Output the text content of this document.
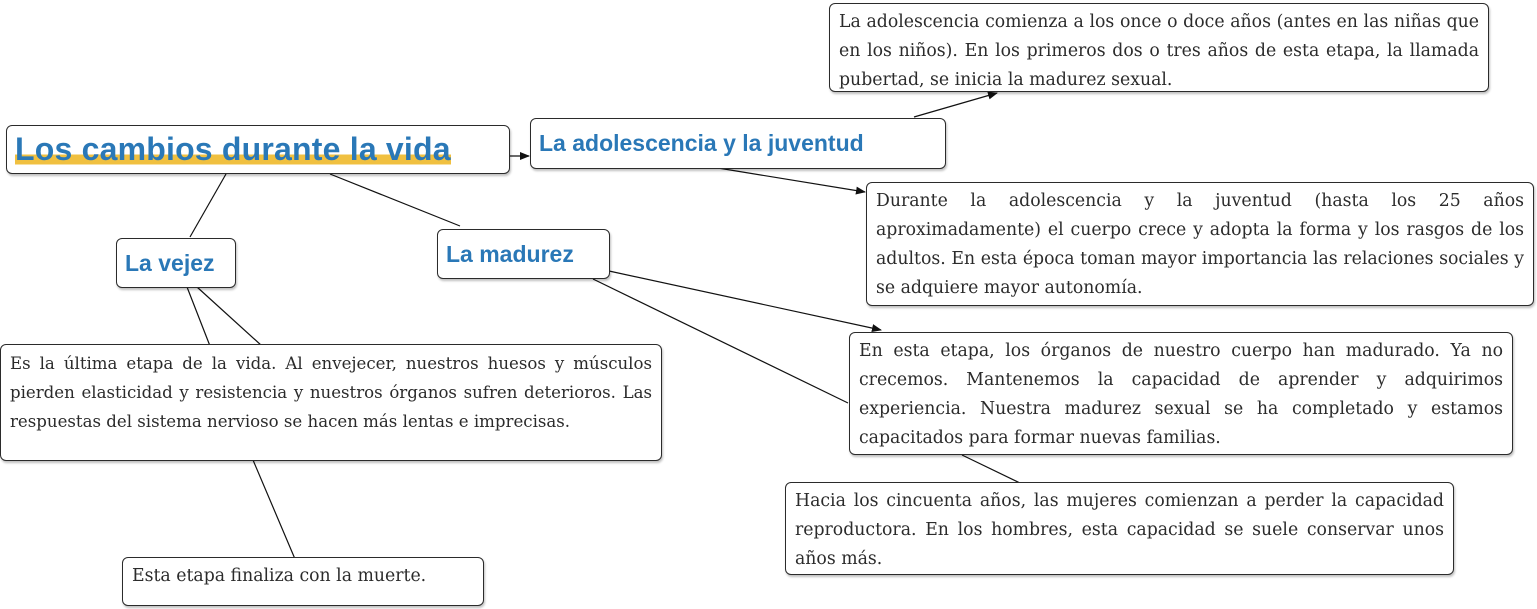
Los cambios durante la vida	La adolescencia y la juventud
La madurez
La vejez
La adolescencia comienza a los once o doce años (antes en las niñas que en los niños). En los primeros dos o tres años de esta etapa, la llamada pubertad, se inicia la madurez sexual.
Durante la adolescencia y la juventud (hasta los 25 años aproximadamente) el cuerpo crece y adopta la forma y los rasgos de los adultos. En esta época toman mayor importancia las relaciones sociales y se adquiere mayor autonomía.
En esta etapa, los órganos de nuestro cuerpo han madurado. Ya no crecemos. Mantenemos la capacidad de aprender y adquirimos experiencia. Nuestra madurez sexual se ha completado y estamos capacitados para formar nuevas familias.
Hacia los cincuenta años, las mujeres comienzan a perder la capacidad reproductora. En los hombres, esta capacidad se suele conservar unos años más.
Es la última etapa de la vida. Al envejecer, nuestros huesos y músculos pierden elasticidad y resistencia y nuestros órganos sufren deterioros. Las respuestas del sistema nervioso se hacen más lentas e imprecisas.
Esta etapa finaliza con la muerte.
